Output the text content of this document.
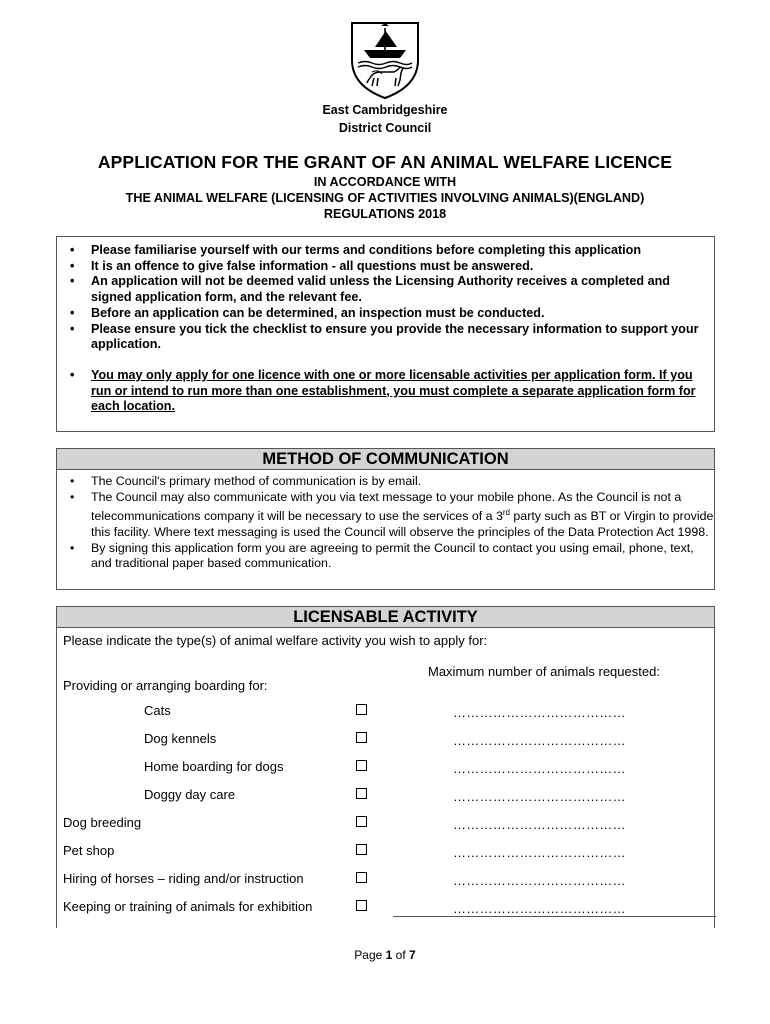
East Cambridgeshire
District Council
APPLICATION FOR THE GRANT OF AN ANIMAL WELFARE LICENCE
IN ACCORDANCE WITH
THE ANIMAL WELFARE (LICENSING OF ACTIVITIES INVOLVING ANIMALS)(ENGLAND)
REGULATIONS 2018
• Please familiarise yourself with our terms and conditions before completing this application
• It is an offence to give false information - all questions must be answered.
• An application will not be deemed valid unless the Licensing Authority receives a completed and signed application form, and the relevant fee.
• Before an application can be determined, an inspection must be conducted.
• Please ensure you tick the checklist to ensure you provide the necessary information to support your application.
• You may only apply for one licence with one or more licensable activities per application form. If you run or intend to run more than one establishment, you must complete a separate application form for each location.
METHOD OF COMMUNICATION
• The Council's primary method of communication is by email.
• The Council may also communicate with you via text message to your mobile phone. As the Council is not a telecommunications company it will be necessary to use the services of a 3rd party such as BT or Virgin to provide this facility. Where text messaging is used the Council will observe the principles of the Data Protection Act 1998.
• By signing this application form you are agreeing to permit the Council to contact you using email, phone, text, and traditional paper based communication.
LICENSABLE ACTIVITY
Please indicate the type(s) of animal welfare activity you wish to apply for:
Maximum number of animals requested:
Providing or arranging boarding for:
Cats	…………………………………
Dog kennels	…………………………………
Home boarding for dogs	…………………………………
Doggy day care	…………………………………
Dog breeding	…………………………………
Pet shop	…………………………………
Hiring of horses – riding and/or instruction	…………………………………
Keeping or training of animals for exhibition	…………………………………
Page 1 of 7
